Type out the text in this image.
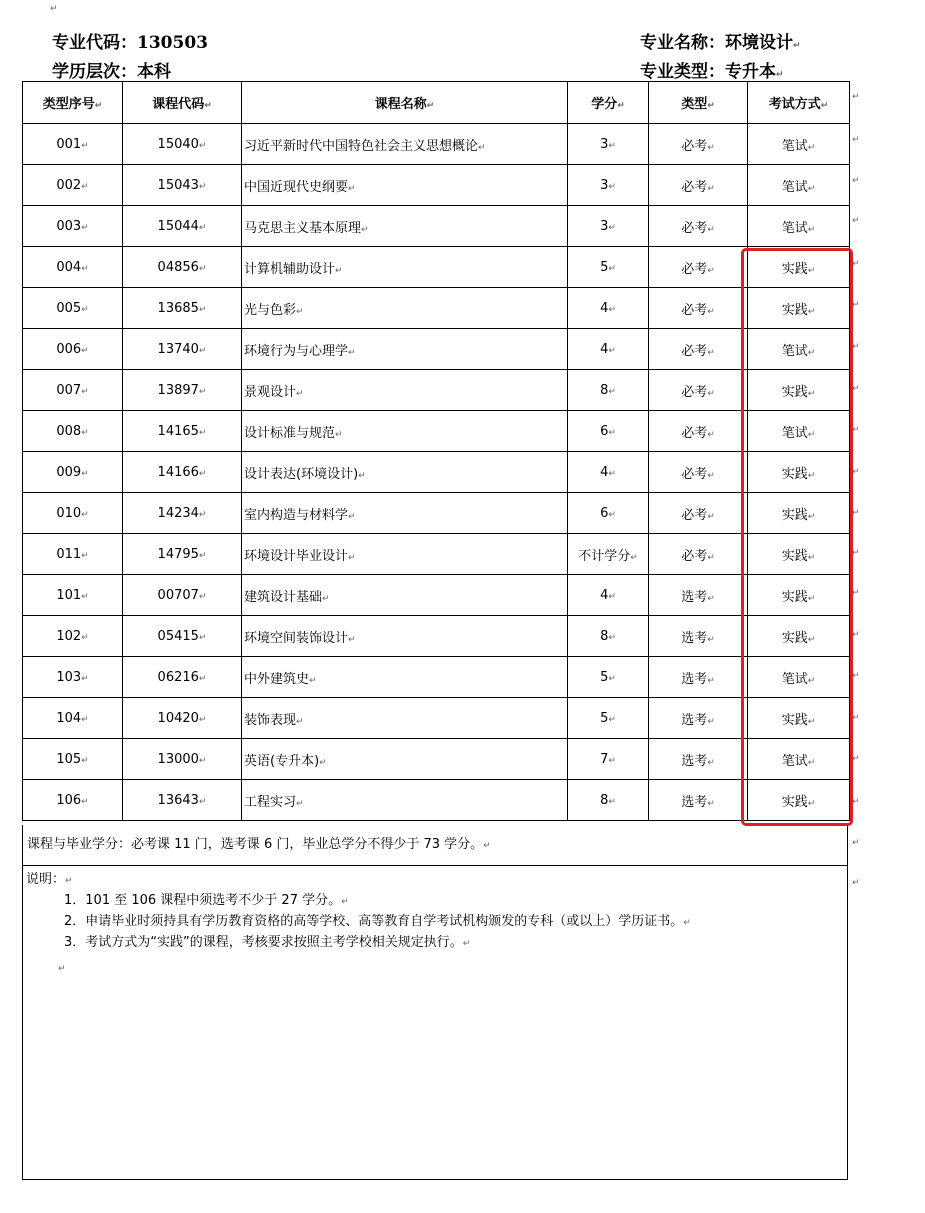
↵
专业代码：130503
学历层次：本科
专业名称：环境设计↵
专业类型：专升本↵
类型序号↵	课程代码↵	课程名称↵	学分↵	类型↵	考试方式↵
001↵	15040↵	习近平新时代中国特色社会主义思想概论↵	3↵	必考↵	笔试↵
002↵	15043↵	中国近现代史纲要↵	3↵	必考↵	笔试↵
003↵	15044↵	马克思主义基本原理↵	3↵	必考↵	笔试↵
004↵	04856↵	计算机辅助设计↵	5↵	必考↵	实践↵
005↵	13685↵	光与色彩↵	4↵	必考↵	实践↵
006↵	13740↵	环境行为与心理学↵	4↵	必考↵	笔试↵
007↵	13897↵	景观设计↵	8↵	必考↵	实践↵
008↵	14165↵	设计标准与规范↵	6↵	必考↵	笔试↵
009↵	14166↵	设计表达(环境设计)↵	4↵	必考↵	实践↵
010↵	14234↵	室内构造与材料学↵	6↵	必考↵	实践↵
011↵	14795↵	环境设计毕业设计↵	不计学分↵	必考↵	实践↵
101↵	00707↵	建筑设计基础↵	4↵	选考↵	实践↵
102↵	05415↵	环境空间装饰设计↵	8↵	选考↵	实践↵
103↵	06216↵	中外建筑史↵	5↵	选考↵	笔试↵
104↵	10420↵	装饰表现↵	5↵	选考↵	实践↵
105↵	13000↵	英语(专升本)↵	7↵	选考↵	笔试↵
106↵	13643↵	工程实习↵	8↵	选考↵	实践↵
课程与毕业学分：必考课 11 门，选考课 6 门，毕业总学分不得少于 73 学分。↵
说明：↵
1．101 至 106 课程中须选考不少于 27 学分。↵
2．申请毕业时须持具有学历教育资格的高等学校、高等教育自学考试机构颁发的专科（或以上）学历证书。↵
3．考试方式为“实践”的课程，考核要求按照主考学校相关规定执行。↵
↵
↵
↵
↵
↵
↵
↵
↵
↵
↵
↵
↵
↵
↵
↵
↵
↵
↵
↵
↵
↵
